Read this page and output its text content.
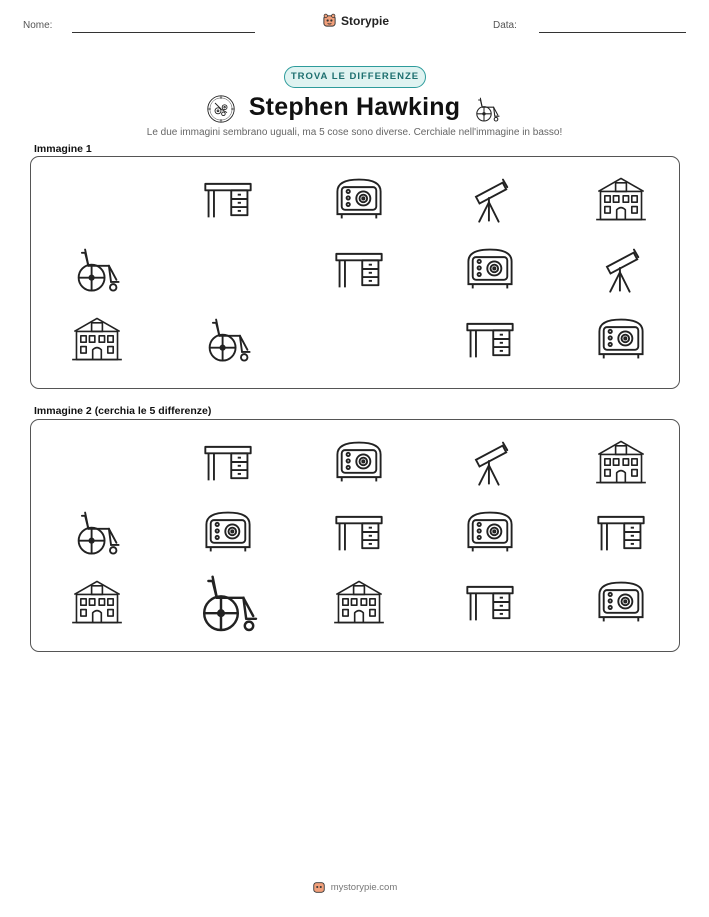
Nome:	Storypie	Data:
TROVA LE DIFFERENZE
Stephen Hawking
Le due immagini sembrano uguali, ma 5 cose sono diverse. Cerchiale nell'immagine in basso!
Immagine 1
Immagine 2 (cerchia le 5 differenze)
mystorypie.com
